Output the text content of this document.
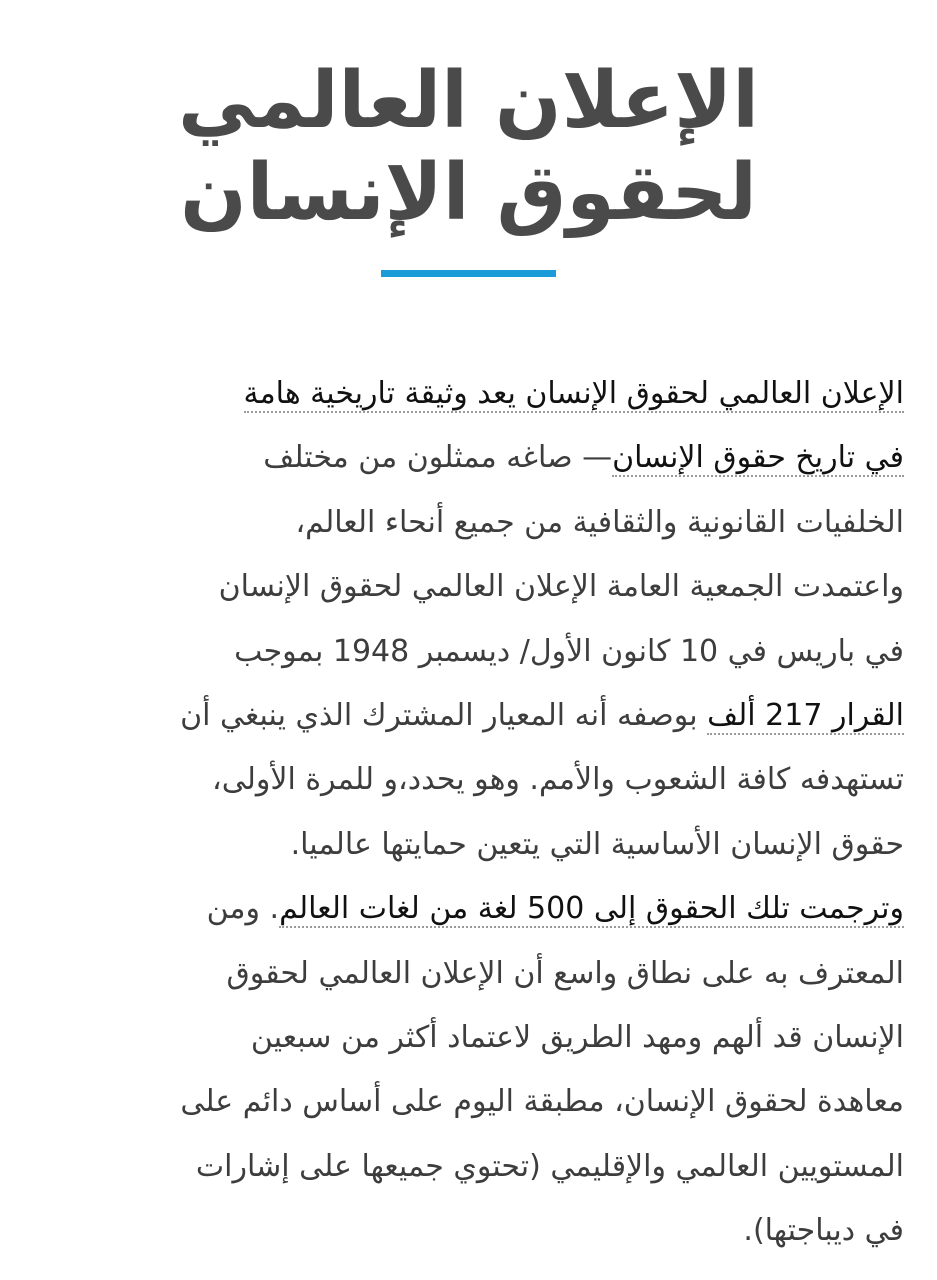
الإعلان العالمي
لحقوق الإنسان

الإعلان العالمي لحقوق الإنسان يعد وثيقة تاريخية هامة
في تاريخ حقوق الإنسان— صاغه ممثلون من مختلف
الخلفيات القانونية والثقافية من جميع أنحاء العالم،
واعتمدت الجمعية العامة الإعلان العالمي لحقوق الإنسان
في باريس في 10 كانون الأول/ ديسمبر 1948 بموجب
القرار 217 ألف بوصفه أنه المعيار المشترك الذي ينبغي أن
تستهدفه كافة الشعوب والأمم. وهو يحدد،و للمرة الأولى،
حقوق الإنسان الأساسية التي يتعين حمايتها عالميا.
وترجمت تلك الحقوق إلى 500 لغة من لغات العالم. ومن
المعترف به على نطاق واسع أن الإعلان العالمي لحقوق
الإنسان قد ألهم ومهد الطريق لاعتماد أكثر من سبعين
معاهدة لحقوق الإنسان، مطبقة اليوم على أساس دائم على
المستويين العالمي والإقليمي (تحتوي جميعها على إشارات
في ديباجتها).
